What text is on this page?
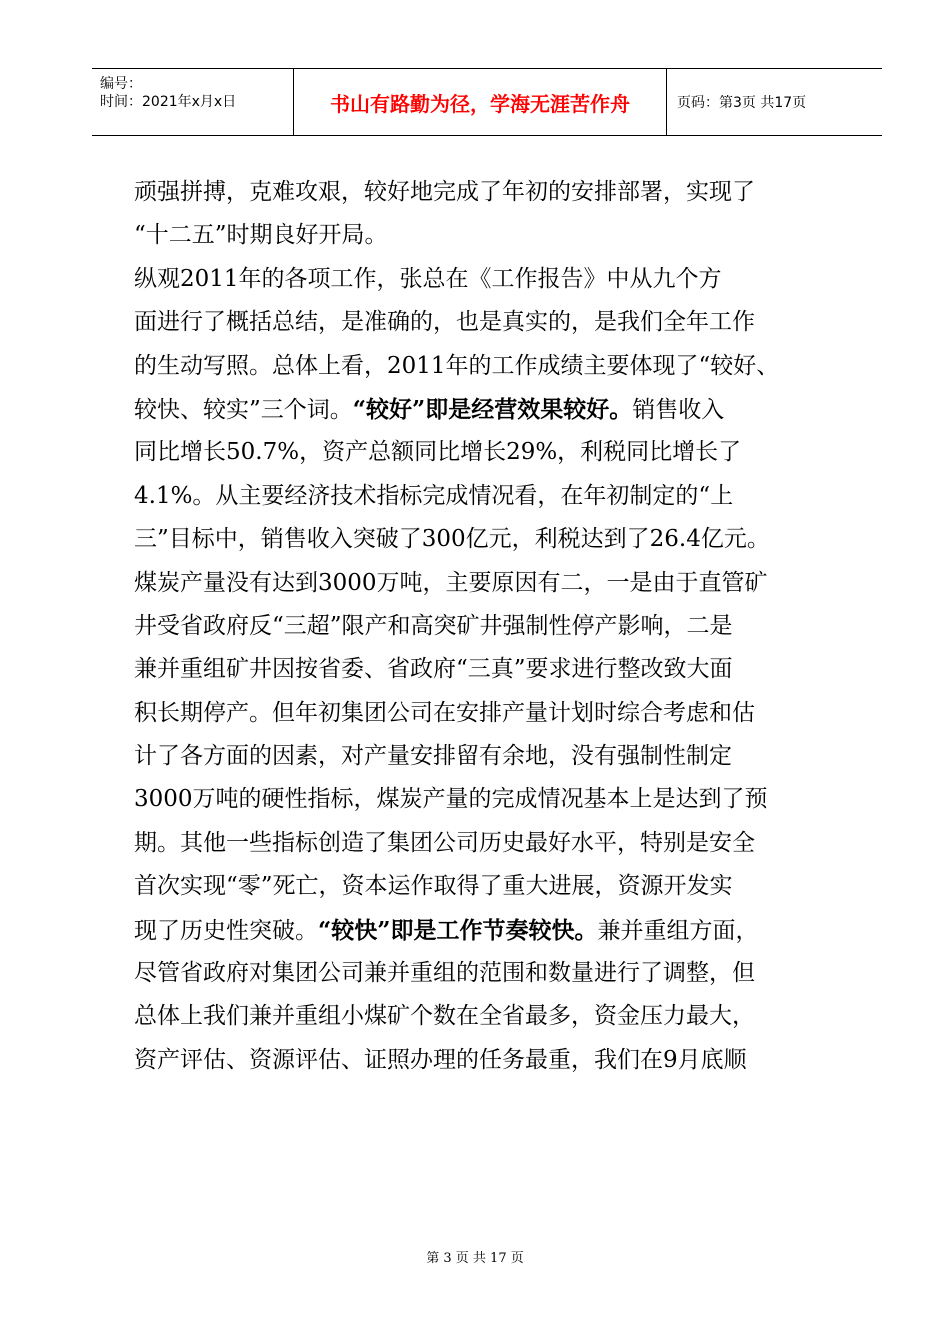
编号：
时间：2021年x月x日	书山有路勤为径，学海无涯苦作舟	页码：第3页 共17页
顽强拼搏，克难攻艰，较好地完成了年初的安排部署，实现了
“十二五”时期良好开局。
纵观2011年的各项工作，张总在《工作报告》中从九个方
面进行了概括总结，是准确的，也是真实的，是我们全年工作
的生动写照。总体上看，2011年的工作成绩主要体现了“较好、
较快、较实”三个词。“较好”即是经营效果较好。销售收入
同比增长50.7%，资产总额同比增长29%，利税同比增长了
4.1%。从主要经济技术指标完成情况看，在年初制定的“上
三”目标中，销售收入突破了300亿元，利税达到了26.4亿元。
煤炭产量没有达到3000万吨，主要原因有二，一是由于直管矿
井受省政府反“三超”限产和高突矿井强制性停产影响，二是
兼并重组矿井因按省委、省政府“三真”要求进行整改致大面
积长期停产。但年初集团公司在安排产量计划时综合考虑和估
计了各方面的因素，对产量安排留有余地，没有强制性制定
3000万吨的硬性指标，煤炭产量的完成情况基本上是达到了预
期。其他一些指标创造了集团公司历史最好水平，特别是安全
首次实现“零”死亡，资本运作取得了重大进展，资源开发实
现了历史性突破。“较快”即是工作节奏较快。兼并重组方面，
尽管省政府对集团公司兼并重组的范围和数量进行了调整，但
总体上我们兼并重组小煤矿个数在全省最多，资金压力最大，
资产评估、资源评估、证照办理的任务最重，我们在9月底顺
第 3 页 共 17 页
